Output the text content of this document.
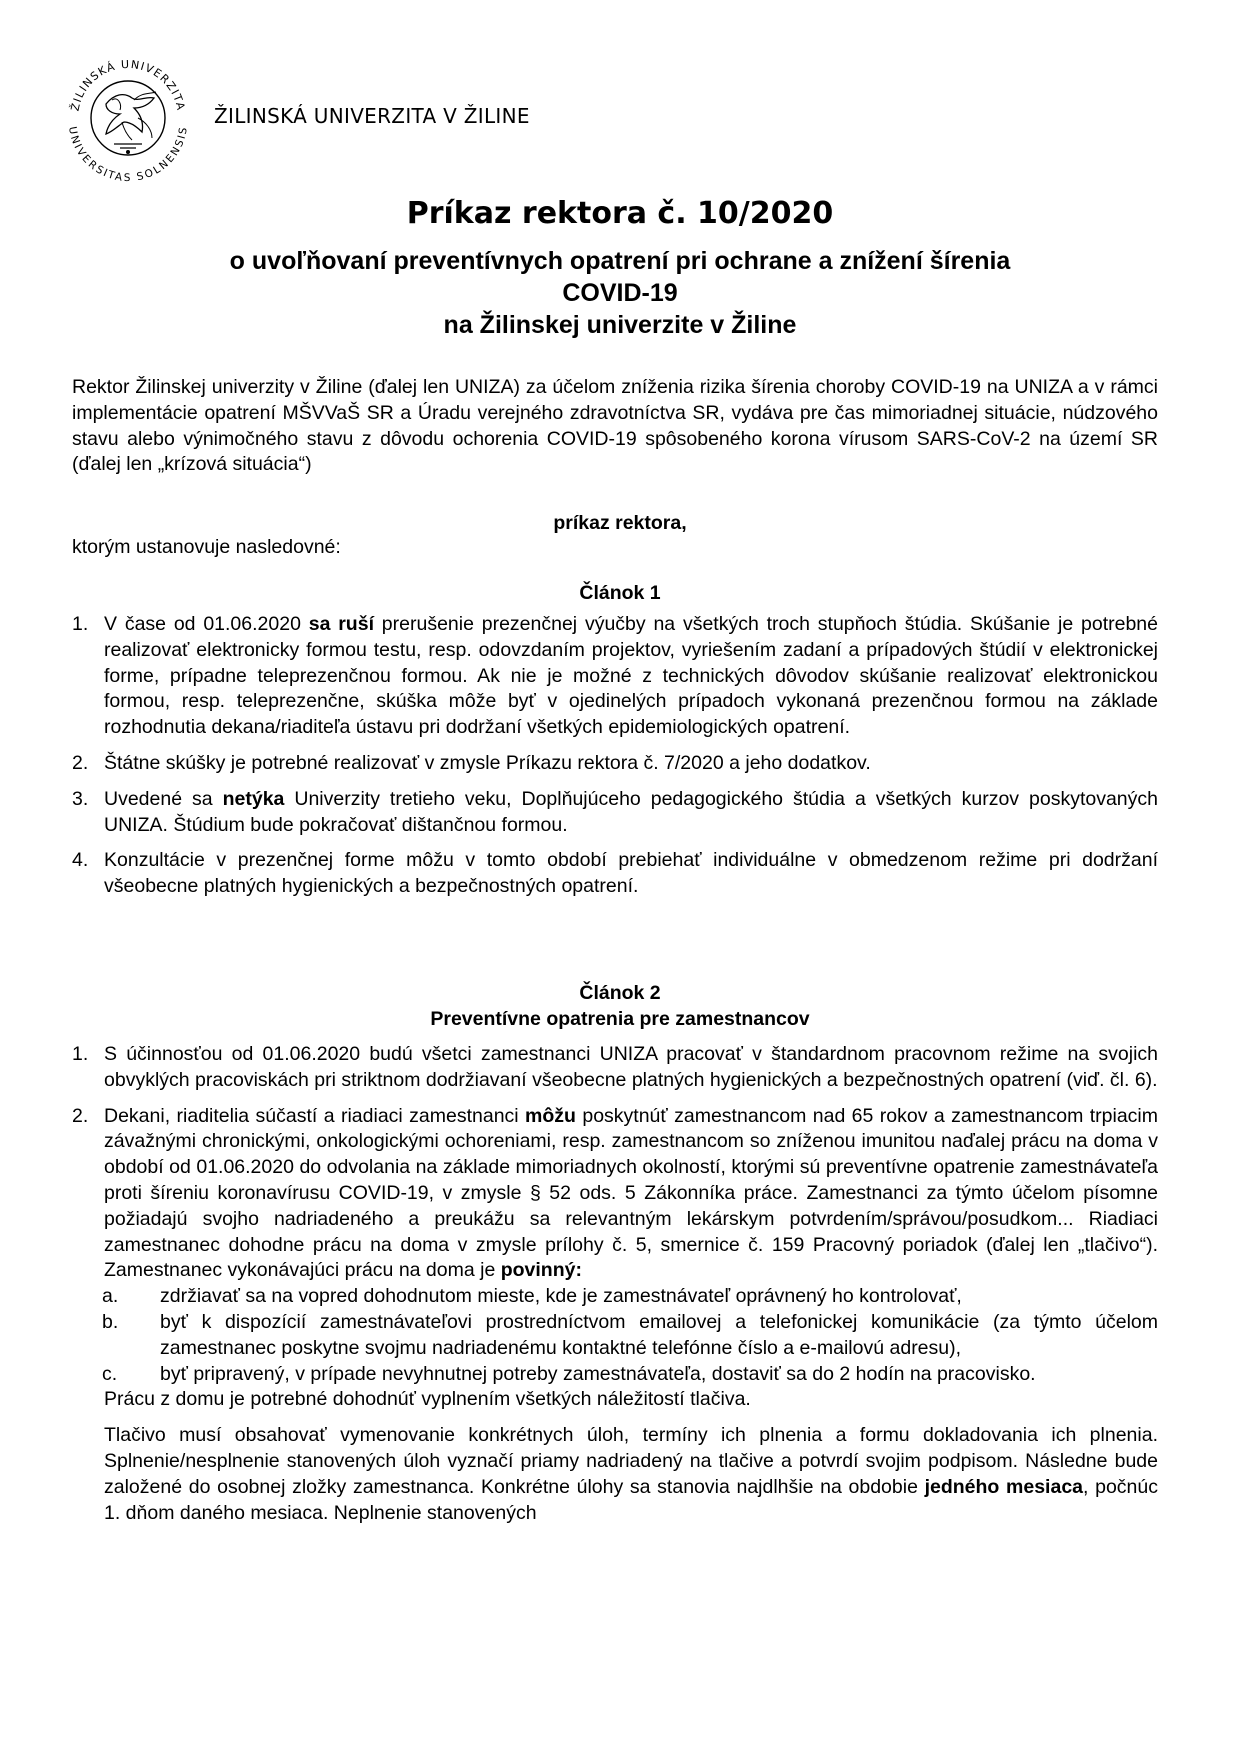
ŽILINSKÁ UNIVERZITA
UNIVERSITAS SOLNENSIS
ŽILINSKÁ UNIVERZITA V ŽILINE
Príkaz rektora č. 10/2020
o uvoľňovaní preventívnych opatrení pri ochrane a znížení šírenia
COVID-19
na Žilinskej univerzite v Žiline
Rektor Žilinskej univerzity v Žiline (ďalej len UNIZA) za účelom zníženia rizika šírenia choroby COVID-19 na UNIZA a v rámci implementácie opatrení MŠVVaŠ SR a Úradu verejného zdravotníctva SR, vydáva pre čas mimoriadnej situácie, núdzového stavu alebo výnimočného stavu z dôvodu ochorenia COVID-19 spôsobeného korona vírusom SARS-CoV-2 na území SR (ďalej len „krízová situácia“)
príkaz rektora,
ktorým ustanovuje nasledovné:
Článok 1
1. V čase od 01.06.2020 sa ruší prerušenie prezenčnej výučby na všetkých troch stupňoch štúdia. Skúšanie je potrebné realizovať elektronicky formou testu, resp. odovzdaním projektov, vyriešením zadaní a prípadových štúdií v elektronickej forme, prípadne teleprezenčnou formou. Ak nie je možné z technických dôvodov skúšanie realizovať elektronickou formou, resp. teleprezenčne, skúška môže byť v ojedinelých prípadoch vykonaná prezenčnou formou na základe rozhodnutia dekana/riaditeľa ústavu pri dodržaní všetkých epidemiologických opatrení.
2. Štátne skúšky je potrebné realizovať v zmysle Príkazu rektora č. 7/2020 a jeho dodatkov.
3. Uvedené sa netýka Univerzity tretieho veku, Doplňujúceho pedagogického štúdia a všetkých kurzov poskytovaných UNIZA. Štúdium bude pokračovať dištančnou formou.
4. Konzultácie v prezenčnej forme môžu v tomto období prebiehať individuálne v obmedzenom režime pri dodržaní všeobecne platných hygienických a bezpečnostných opatrení.
Článok 2
Preventívne opatrenia pre zamestnancov
1. S účinnosťou od 01.06.2020 budú všetci zamestnanci UNIZA pracovať v štandardnom pracovnom režime na svojich obvyklých pracoviskách pri striktnom dodržiavaní všeobecne platných hygienických a bezpečnostných opatrení (viď. čl. 6).
2. Dekani, riaditelia súčastí a riadiaci zamestnanci môžu poskytnúť zamestnancom nad 65 rokov a zamestnancom trpiacim závažnými chronickými, onkologickými ochoreniami, resp. zamestnancom so zníženou imunitou naďalej prácu na doma v období od 01.06.2020 do odvolania na základe mimoriadnych okolností, ktorými sú preventívne opatrenie zamestnávateľa proti šíreniu koronavírusu COVID-19, v zmysle § 52 ods. 5 Zákonníka práce. Zamestnanci za týmto účelom písomne požiadajú svojho nadriadeného a preukážu sa relevantným lekárskym potvrdením/správou/posudkom... Riadiaci zamestnanec dohodne prácu na doma v zmysle prílohy č. 5, smernice č. 159 Pracovný poriadok (ďalej len „tlačivo“). Zamestnanec vykonávajúci prácu na doma je povinný:
a. zdržiavať sa na vopred dohodnutom mieste, kde je zamestnávateľ oprávnený ho kontrolovať,
b. byť k dispozícií zamestnávateľovi prostredníctvom emailovej a telefonickej komunikácie (za týmto účelom zamestnanec poskytne svojmu nadriadenému kontaktné telefónne číslo a e-mailovú adresu),
c. byť pripravený, v prípade nevyhnutnej potreby zamestnávateľa, dostaviť sa do 2 hodín na pracovisko.
Prácu z domu je potrebné dohodnúť vyplnením všetkých náležitostí tlačiva.
Tlačivo musí obsahovať vymenovanie konkrétnych úloh, termíny ich plnenia a formu dokladovania ich plnenia. Splnenie/nesplnenie stanovených úloh vyznačí priamy nadriadený na tlačive a potvrdí svojim podpisom. Následne bude založené do osobnej zložky zamestnanca. Konkrétne úlohy sa stanovia najdlhšie na obdobie jedného mesiaca, počnúc 1. dňom daného mesiaca. Neplnenie stanovených
